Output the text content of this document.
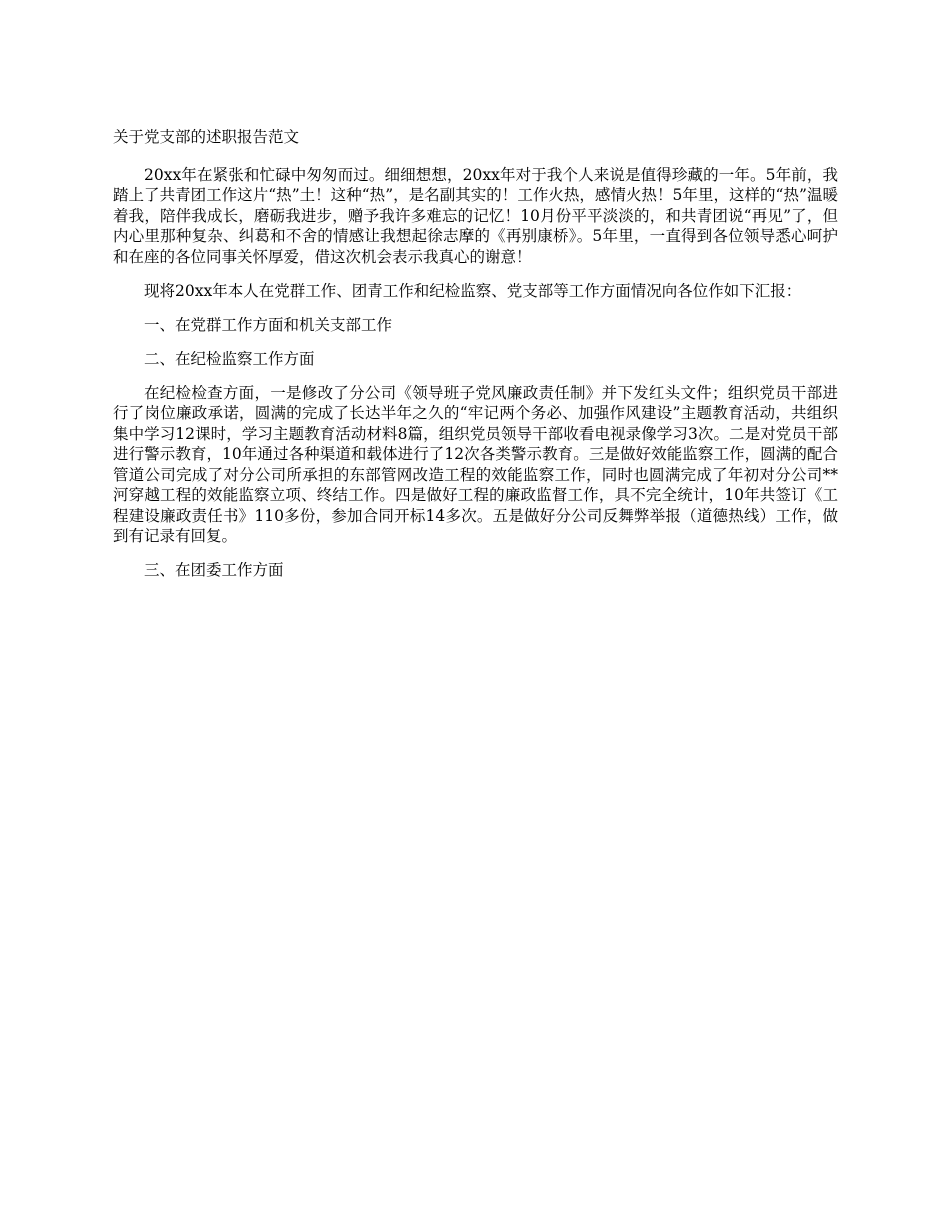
关于党支部的述职报告范文

20xx年在紧张和忙碌中匆匆而过。细细想想，20xx年对于我个人来说是值得珍藏的一年。5年前，我踏上了共青团工作这片“热”土！这种“热”，是名副其实的！工作火热，感情火热！5年里，这样的“热”温暖着我，陪伴我成长，磨砺我进步，赠予我许多难忘的记忆！10月份平平淡淡的，和共青团说“再见”了，但内心里那种复杂、纠葛和不舍的情感让我想起徐志摩的《再别康桥》。5年里，一直得到各位领导悉心呵护和在座的各位同事关怀厚爱，借这次机会表示我真心的谢意！

现将20xx年本人在党群工作、团青工作和纪检监察、党支部等工作方面情况向各位作如下汇报：

一、在党群工作方面和机关支部工作

二、在纪检监察工作方面

在纪检检查方面，一是修改了分公司《领导班子党风廉政责任制》并下发红头文件；组织党员干部进行了岗位廉政承诺，圆满的完成了长达半年之久的“牢记两个务必、加强作风建设”主题教育活动，共组织集中学习12课时，学习主题教育活动材料8篇，组织党员领导干部收看电视录像学习3次。二是对党员干部进行警示教育，10年通过各种渠道和载体进行了12次各类警示教育。三是做好效能监察工作，圆满的配合管道公司完成了对分公司所承担的东部管网改造工程的效能监察工作，同时也圆满完成了年初对分公司**河穿越工程的效能监察立项、终结工作。四是做好工程的廉政监督工作，具不完全统计，10年共签订《工程建设廉政责任书》110多份，参加合同开标14多次。五是做好分公司反舞弊举报（道德热线）工作，做到有记录有回复。

三、在团委工作方面
